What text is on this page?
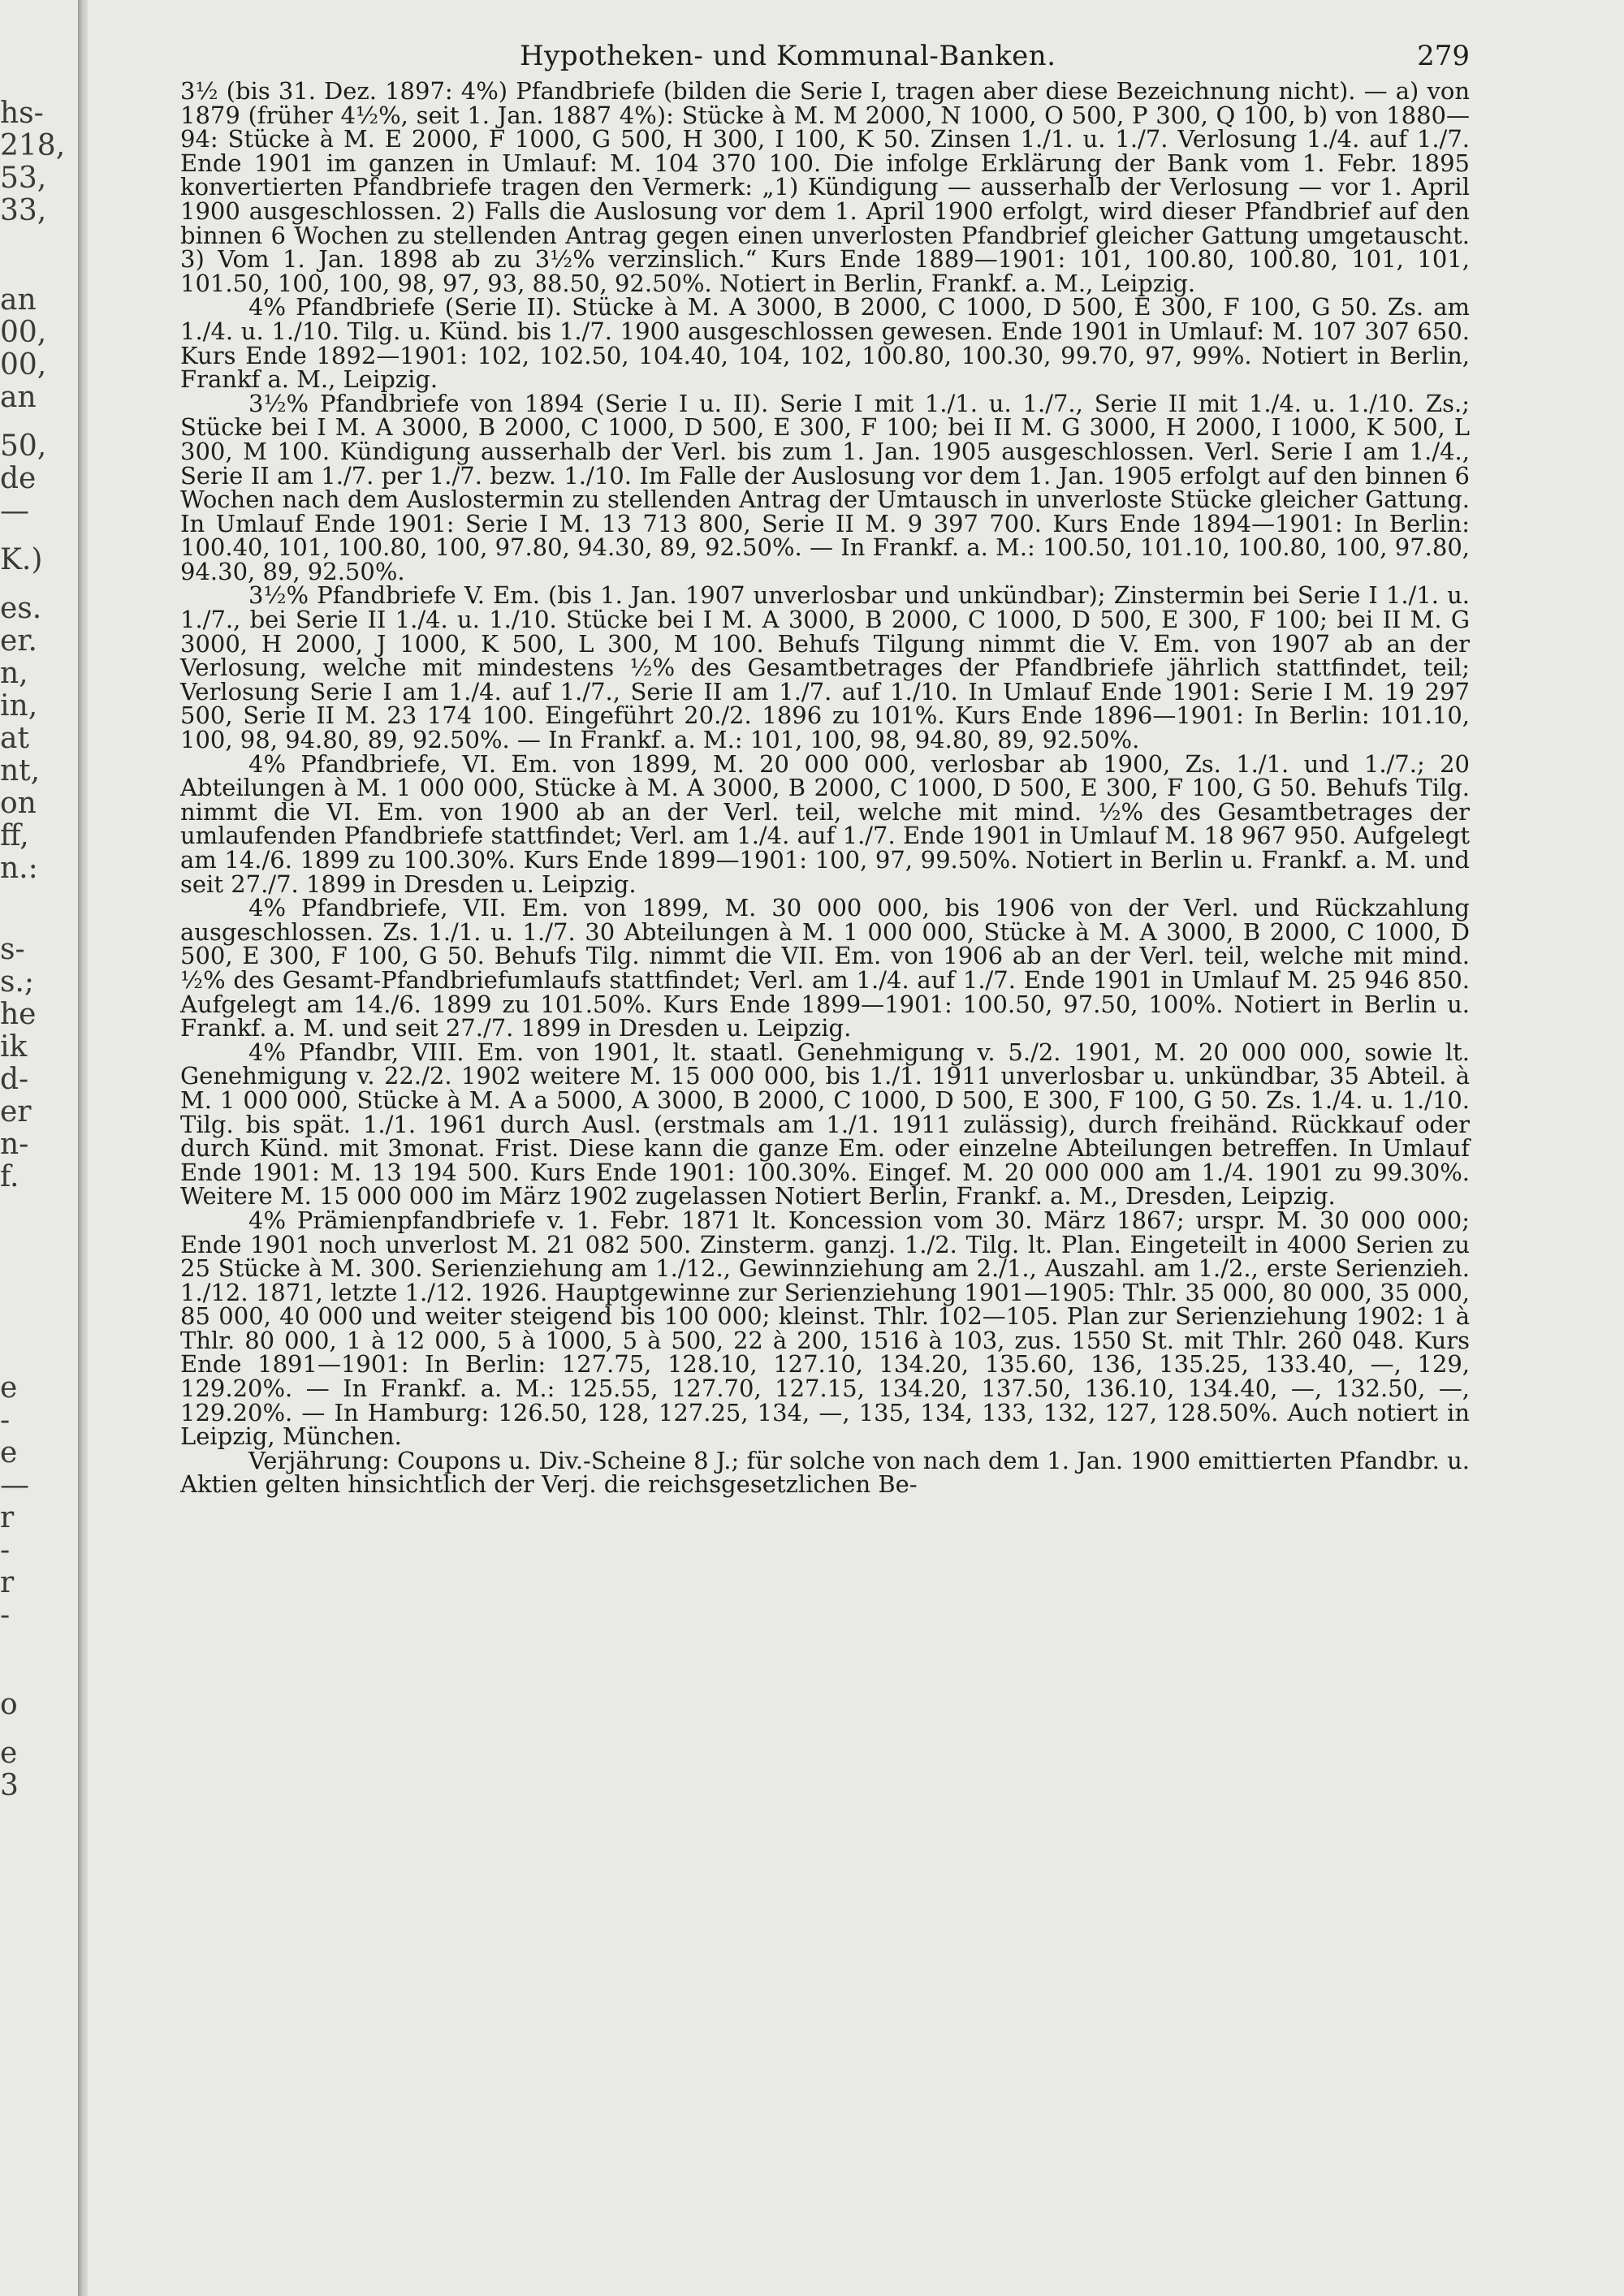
hs-
218,
53,
33,
an
00,
00,
an
50,
de
—
K.)
es.
er.
n,
in,
at
nt,
on
ff,
n.:
s-
s.;
he
ik
d-
er
n-
f.
e
-
e
—
r
-
r
-
o
e
3
Hypotheken- und Kommunal-Banken.	279

3½ (bis 31. Dez. 1897: 4%) Pfandbriefe (bilden die Serie I, tragen aber diese Bezeichnung nicht). — a) von 1879 (früher 4½%, seit 1. Jan. 1887 4%): Stücke à M. M 2000, N 1000, O 500, P 300, Q 100, b) von 1880—94: Stücke à M. E 2000, F 1000, G 500, H 300, I 100, K 50. Zinsen 1./1. u. 1./7. Verlosung 1./4. auf 1./7. Ende 1901 im ganzen in Umlauf: M. 104 370 100. Die infolge Erklärung der Bank vom 1. Febr. 1895 konvertierten Pfandbriefe tragen den Vermerk: „1) Kündigung — ausserhalb der Verlosung — vor 1. April 1900 ausgeschlossen. 2) Falls die Auslosung vor dem 1. April 1900 erfolgt, wird dieser Pfandbrief auf den binnen 6 Wochen zu stellenden Antrag gegen einen unverlosten Pfandbrief gleicher Gattung umgetauscht. 3) Vom 1. Jan. 1898 ab zu 3½% verzinslich.“ Kurs Ende 1889—1901: 101, 100.80, 100.80, 101, 101, 101.50, 100, 100, 98, 97, 93, 88.50, 92.50%. Notiert in Berlin, Frankf. a. M., Leipzig.

4% Pfandbriefe (Serie II). Stücke à M. A 3000, B 2000, C 1000, D 500, E 300, F 100, G 50. Zs. am 1./4. u. 1./10. Tilg. u. Künd. bis 1./7. 1900 ausgeschlossen gewesen. Ende 1901 in Umlauf: M. 107 307 650. Kurs Ende 1892—1901: 102, 102.50, 104.40, 104, 102, 100.80, 100.30, 99.70, 97, 99%. Notiert in Berlin, Frankf a. M., Leipzig.

3½% Pfandbriefe von 1894 (Serie I u. II). Serie I mit 1./1. u. 1./7., Serie II mit 1./4. u. 1./10. Zs.; Stücke bei I M. A 3000, B 2000, C 1000, D 500, E 300, F 100; bei II M. G 3000, H 2000, I 1000, K 500, L 300, M 100. Kündigung ausserhalb der Verl. bis zum 1. Jan. 1905 ausgeschlossen. Verl. Serie I am 1./4., Serie II am 1./7. per 1./7. bezw. 1./10. Im Falle der Auslosung vor dem 1. Jan. 1905 erfolgt auf den binnen 6 Wochen nach dem Auslostermin zu stellenden Antrag der Umtausch in unverloste Stücke gleicher Gattung. In Umlauf Ende 1901: Serie I M. 13 713 800, Serie II M. 9 397 700. Kurs Ende 1894—1901: In Berlin: 100.40, 101, 100.80, 100, 97.80, 94.30, 89, 92.50%. — In Frankf. a. M.: 100.50, 101.10, 100.80, 100, 97.80, 94.30, 89, 92.50%.

3½% Pfandbriefe V. Em. (bis 1. Jan. 1907 unverlosbar und unkündbar); Zinstermin bei Serie I 1./1. u. 1./7., bei Serie II 1./4. u. 1./10. Stücke bei I M. A 3000, B 2000, C 1000, D 500, E 300, F 100; bei II M. G 3000, H 2000, J 1000, K 500, L 300, M 100. Behufs Tilgung nimmt die V. Em. von 1907 ab an der Verlosung, welche mit mindestens ½% des Gesamtbetrages der Pfandbriefe jährlich stattfindet, teil; Verlosung Serie I am 1./4. auf 1./7., Serie II am 1./7. auf 1./10. In Umlauf Ende 1901: Serie I M. 19 297 500, Serie II M. 23 174 100. Eingeführt 20./2. 1896 zu 101%. Kurs Ende 1896—1901: In Berlin: 101.10, 100, 98, 94.80, 89, 92.50%. — In Frankf. a. M.: 101, 100, 98, 94.80, 89, 92.50%.

4% Pfandbriefe, VI. Em. von 1899, M. 20 000 000, verlosbar ab 1900, Zs. 1./1. und 1./7.; 20 Abteilungen à M. 1 000 000, Stücke à M. A 3000, B 2000, C 1000, D 500, E 300, F 100, G 50. Behufs Tilg. nimmt die VI. Em. von 1900 ab an der Verl. teil, welche mit mind. ½% des Gesamtbetrages der umlaufenden Pfandbriefe stattfindet; Verl. am 1./4. auf 1./7. Ende 1901 in Umlauf M. 18 967 950. Aufgelegt am 14./6. 1899 zu 100.30%. Kurs Ende 1899—1901: 100, 97, 99.50%. Notiert in Berlin u. Frankf. a. M. und seit 27./7. 1899 in Dresden u. Leipzig.

4% Pfandbriefe, VII. Em. von 1899, M. 30 000 000, bis 1906 von der Verl. und Rückzahlung ausgeschlossen. Zs. 1./1. u. 1./7. 30 Abteilungen à M. 1 000 000, Stücke à M. A 3000, B 2000, C 1000, D 500, E 300, F 100, G 50. Behufs Tilg. nimmt die VII. Em. von 1906 ab an der Verl. teil, welche mit mind. ½% des Gesamt-Pfandbriefumlaufs stattfindet; Verl. am 1./4. auf 1./7. Ende 1901 in Umlauf M. 25 946 850. Aufgelegt am 14./6. 1899 zu 101.50%. Kurs Ende 1899—1901: 100.50, 97.50, 100%. Notiert in Berlin u. Frankf. a. M. und seit 27./7. 1899 in Dresden u. Leipzig.

4% Pfandbr, VIII. Em. von 1901, lt. staatl. Genehmigung v. 5./2. 1901, M. 20 000 000, sowie lt. Genehmigung v. 22./2. 1902 weitere M. 15 000 000, bis 1./1. 1911 unverlosbar u. unkündbar, 35 Abteil. à M. 1 000 000, Stücke à M. A a 5000, A 3000, B 2000, C 1000, D 500, E 300, F 100, G 50. Zs. 1./4. u. 1./10. Tilg. bis spät. 1./1. 1961 durch Ausl. (erstmals am 1./1. 1911 zulässig), durch freihänd. Rückkauf oder durch Künd. mit 3monat. Frist. Diese kann die ganze Em. oder einzelne Abteilungen betreffen. In Umlauf Ende 1901: M. 13 194 500. Kurs Ende 1901: 100.30%. Eingef. M. 20 000 000 am 1./4. 1901 zu 99.30%. Weitere M. 15 000 000 im März 1902 zugelassen Notiert Berlin, Frankf. a. M., Dresden, Leipzig.

4% Prämienpfandbriefe v. 1. Febr. 1871 lt. Koncession vom 30. März 1867; urspr. M. 30 000 000; Ende 1901 noch unverlost M. 21 082 500. Zinsterm. ganzj. 1./2. Tilg. lt. Plan. Eingeteilt in 4000 Serien zu 25 Stücke à M. 300. Serienziehung am 1./12., Gewinnziehung am 2./1., Auszahl. am 1./2., erste Serienzieh. 1./12. 1871, letzte 1./12. 1926. Hauptgewinne zur Serienziehung 1901—1905: Thlr. 35 000, 80 000, 35 000, 85 000, 40 000 und weiter steigend bis 100 000; kleinst. Thlr. 102—105. Plan zur Serienziehung 1902: 1 à Thlr. 80 000, 1 à 12 000, 5 à 1000, 5 à 500, 22 à 200, 1516 à 103, zus. 1550 St. mit Thlr. 260 048. Kurs Ende 1891—1901: In Berlin: 127.75, 128.10, 127.10, 134.20, 135.60, 136, 135.25, 133.40, —, 129, 129.20%. — In Frankf. a. M.: 125.55, 127.70, 127.15, 134.20, 137.50, 136.10, 134.40, —, 132.50, —, 129.20%. — In Hamburg: 126.50, 128, 127.25, 134, —, 135, 134, 133, 132, 127, 128.50%. Auch notiert in Leipzig, München.

Verjährung: Coupons u. Div.-Scheine 8 J.; für solche von nach dem 1. Jan. 1900 emittierten Pfandbr. u. Aktien gelten hinsichtlich der Verj. die reichsgesetzlichen Be-
